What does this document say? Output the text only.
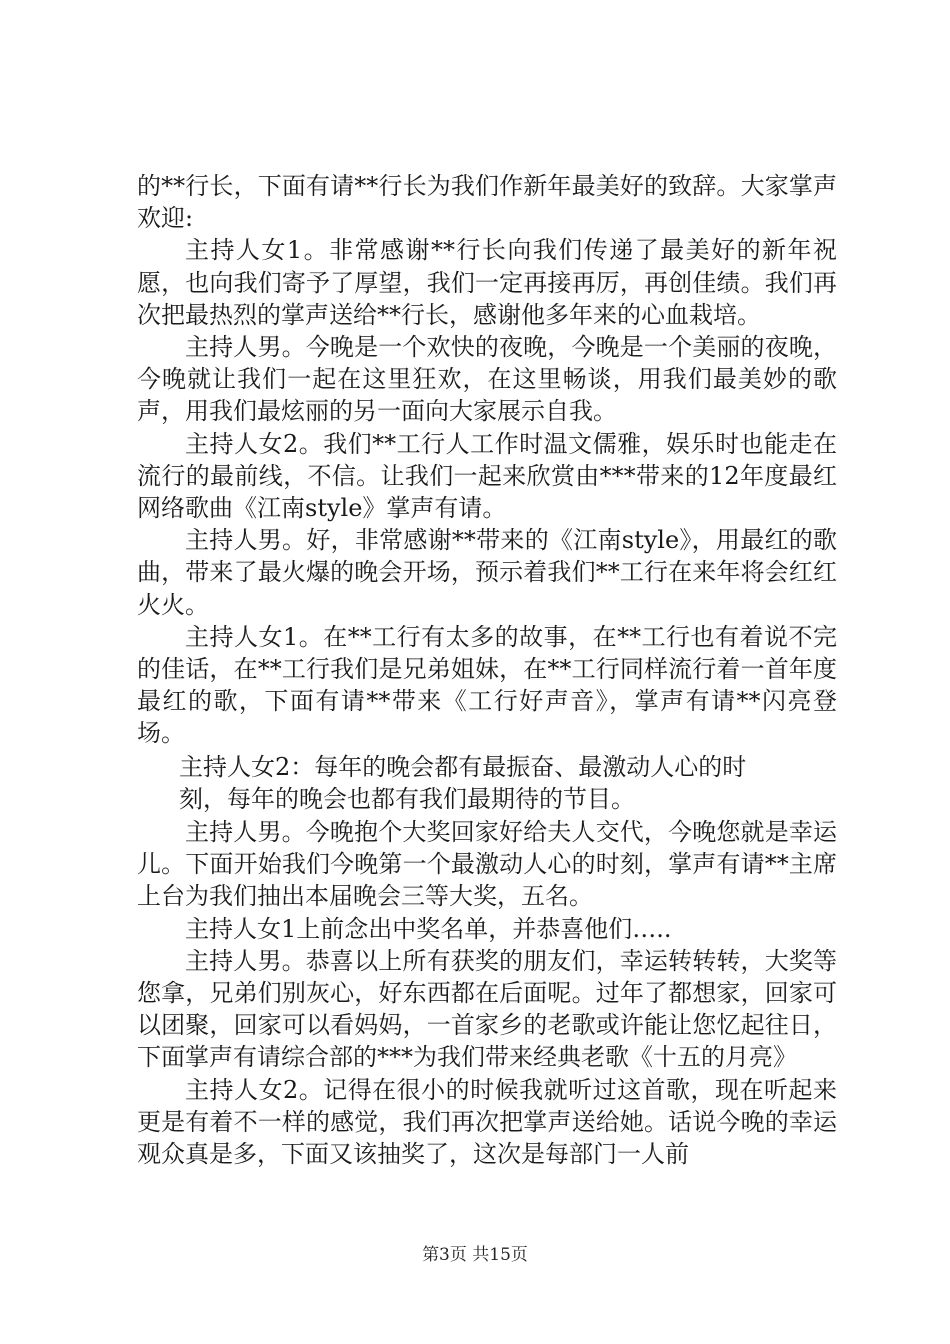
的**行长，下面有请**行长为我们作新年最美好的致辞。大家掌声欢迎:

主持人女1。非常感谢**行长向我们传递了最美好的新年祝愿，也向我们寄予了厚望，我们一定再接再厉，再创佳绩。我们再次把最热烈的掌声送给**行长，感谢他多年来的心血栽培。

主持人男。今晚是一个欢快的夜晚，今晚是一个美丽的夜晚，今晚就让我们一起在这里狂欢，在这里畅谈，用我们最美妙的歌声，用我们最炫丽的另一面向大家展示自我。

主持人女2。我们**工行人工作时温文儒雅，娱乐时也能走在流行的最前线，不信。让我们一起来欣赏由***带来的12年度最红网络歌曲《江南style》掌声有请。

主持人男。好，非常感谢**带来的《江南style》，用最红的歌曲，带来了最火爆的晚会开场，预示着我们**工行在来年将会红红火火。

主持人女1。在**工行有太多的故事，在**工行也有着说不完的佳话，在**工行我们是兄弟姐妹，在**工行同样流行着一首年度最红的歌，下面有请**带来《工行好声音》，掌声有请**闪亮登场。

主持人女2：每年的晚会都有最振奋、最激动人心的时
刻，每年的晚会也都有我们最期待的节目。

主持人男。今晚抱个大奖回家好给夫人交代，今晚您就是幸运儿。下面开始我们今晚第一个最激动人心的时刻，掌声有请**主席上台为我们抽出本届晚会三等大奖，五名。

主持人女1上前念出中奖名单，并恭喜他们…..

主持人男。恭喜以上所有获奖的朋友们，幸运转转转，大奖等您拿，兄弟们别灰心，好东西都在后面呢。过年了都想家，回家可以团聚，回家可以看妈妈，一首家乡的老歌或许能让您忆起往日，下面掌声有请综合部的***为我们带来经典老歌《十五的月亮》

主持人女2。记得在很小的时候我就听过这首歌，现在听起来更是有着不一样的感觉，我们再次把掌声送给她。话说今晚的幸运观众真是多，下面又该抽奖了，这次是每部门一人前

第3页 共15页
